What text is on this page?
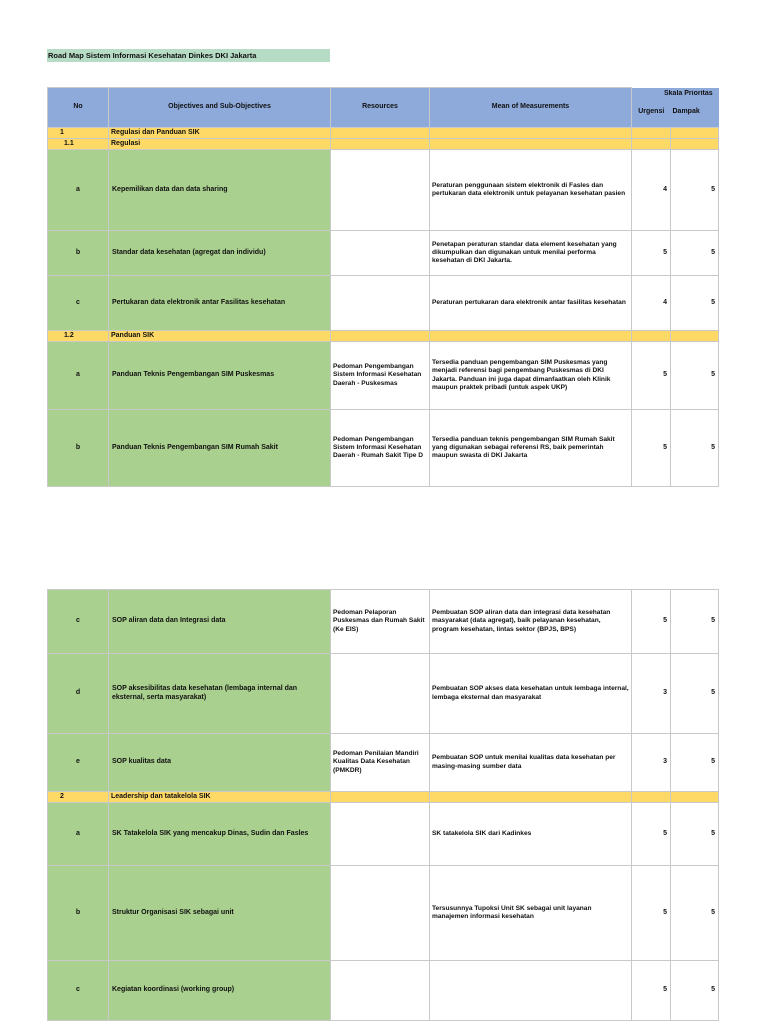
Road Map Sistem Informasi Kesehatan Dinkes DKI Jakarta
No	Objectives and Sub-Objectives	Resources	Mean of Measurements	Urgensi	Dampak
1	Regulasi dan Panduan SIK				
1.1	Regulasi				
a	Kepemilikan data dan data sharing		Peraturan penggunaan sistem elektronik di Fasles dan pertukaran data elektronik untuk pelayanan kesehatan pasien	4	5
b	Standar data kesehatan (agregat dan individu)		Penetapan peraturan standar data element kesehatan yang dikumpulkan dan digunakan untuk menilai performa kesehatan di DKI Jakarta.	5	5
c	Pertukaran data elektronik antar Fasilitas kesehatan		Peraturan pertukaran dara elektronik antar fasilitas kesehatan	4	5
1.2	Panduan SIK				
a	Panduan Teknis Pengembangan SIM Puskesmas	Pedoman Pengembangan Sistem Informasi Kesehatan Daerah - Puskesmas	Tersedia panduan pengembangan SIM Puskesmas yang menjadi referensi bagi pengembang Puskesmas di DKI Jakarta. Panduan ini juga dapat dimanfaatkan oleh Klinik maupun praktek pribadi (untuk aspek UKP)	5	5
b	Panduan Teknis Pengembangan SIM Rumah Sakit	Pedoman Pengembangan Sistem Informasi Kesehatan Daerah - Rumah Sakit Tipe D	Tersedia panduan teknis pengembangan SIM Rumah Sakit yang digunakan sebagai referensi RS, baik pemerintah maupun swasta di DKI Jakarta	5	5
Skala Prioritas
c	SOP aliran data dan Integrasi data	Pedoman Pelaporan Puskesmas dan Rumah Sakit (Ke EIS)	Pembuatan SOP aliran data dan integrasi data kesehatan masyarakat (data agregat), baik pelayanan kesehatan, program kesehatan, lintas sektor (BPJS, BPS)	5	5
d	SOP aksesibilitas data kesehatan (lembaga internal dan eksternal, serta masyarakat)		Pembuatan SOP akses data kesehatan untuk lembaga internal, lembaga eksternal dan masyarakat	3	5
e	SOP kualitas data	Pedoman Penilaian Mandiri Kualitas Data Kesehatan (PMKDR)	Pembuatan SOP untuk menilai kualitas data kesehatan per masing-masing sumber data	3	5
2	Leadership dan tatakelola SIK				
a	SK Tatakelola SIK yang mencakup Dinas, Sudin dan Fasles		SK tatakelola SIK dari Kadinkes	5	5
b	Struktur Organisasi SIK sebagai unit		Tersusunnya Tupoksi Unit SK sebagai unit layanan manajemen informasi kesehatan	5	5
c	Kegiatan koordinasi (working group)			5	5
